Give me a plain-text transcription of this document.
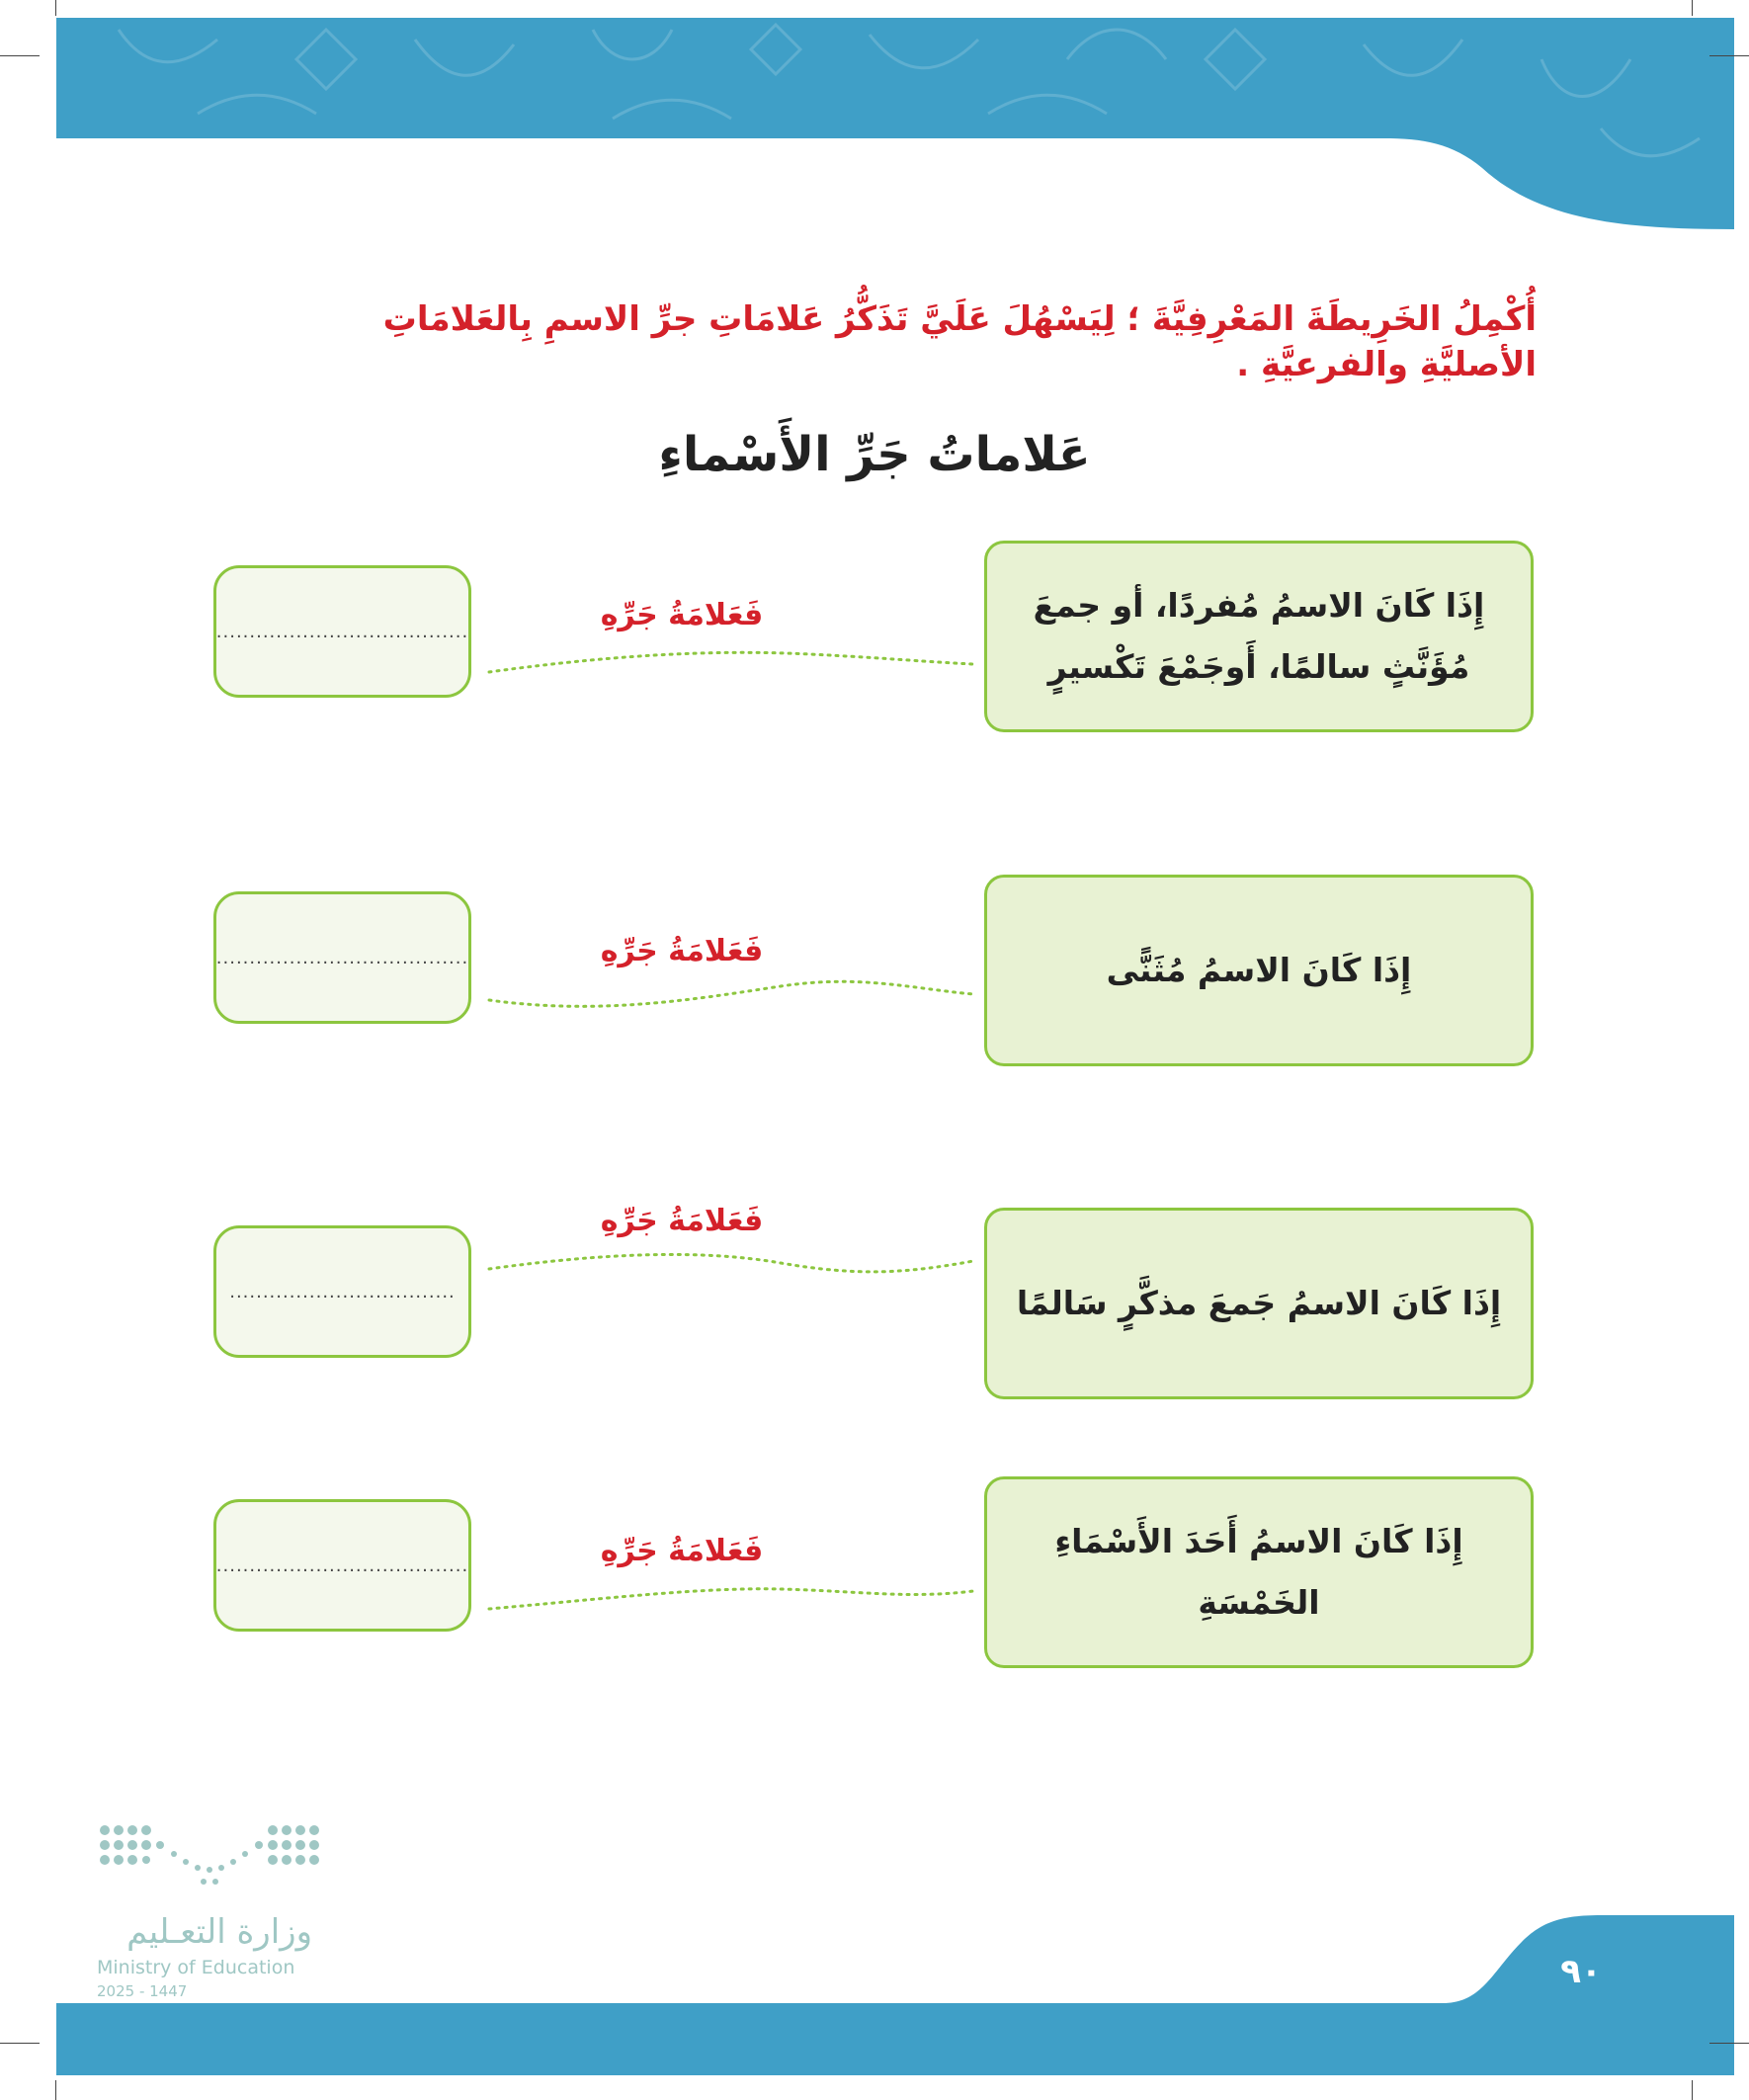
أُكْمِلُ الخَرِيطَةَ المَعْرِفِيَّةَ ؛ لِيَسْهُلَ عَلَيَّ تَذَكُّرُ عَلامَاتِ جرِّ الاسمِ بِالعَلامَاتِ الأصليَّةِ والفرعيَّةِ .
عَلاماتُ جَرِّ الأَسْماءِ
إِذَا كَانَ الاسمُ مُفردًا، أو جمعَ مُؤَنَّثٍ سالمًا، أَوجَمْعَ تَكْسيرٍ
فَعَلامَةُ جَرِّهِ
......................................
إِذَا كَانَ الاسمُ مُثَنًّى
فَعَلامَةُ جَرِّهِ
......................................
إِذَا كَانَ الاسمُ جَمعَ مذكَّرٍ سَالمًا
فَعَلامَةُ جَرِّهِ
..................................
إِذَا كَانَ الاسمُ أَحَدَ الأَسْمَاءِ الخَمْسَةِ
فَعَلامَةُ جَرِّهِ
......................................
وزارة التعـليم
Ministry of Education
2025 - 1447	٩٠
